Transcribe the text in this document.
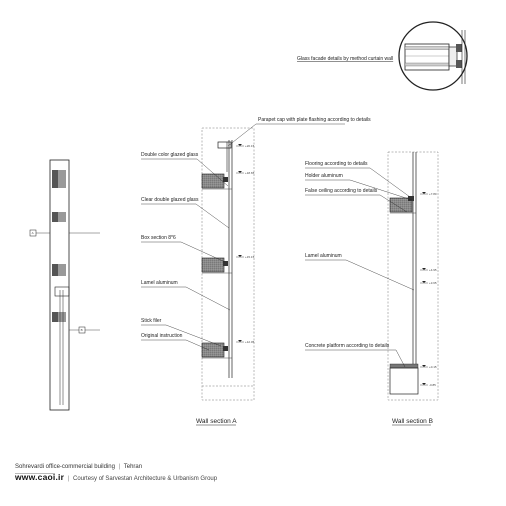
Glass facade details by method curtain wall
A
B
+20.15
+18.65
+15.15
+12.05
Parapet cap with plate flashing according to details
Double color glazed glass
Clear double glazed glass
Box section 8*6
Lamel aluminum
Stick filer
Original instruction
Wall section A
+7.80
+4.95
+3.65
+0.15
-0.85
Flooring according to details
Holder aluminum
False ceiling according to details
Lamel aluminum
Concrete platform according to details
Wall section B
Sohrevardi office-commercial building | Tehran
www.caoi.ir | Courtesy of Sarvestan Architecture & Urbanism Group
